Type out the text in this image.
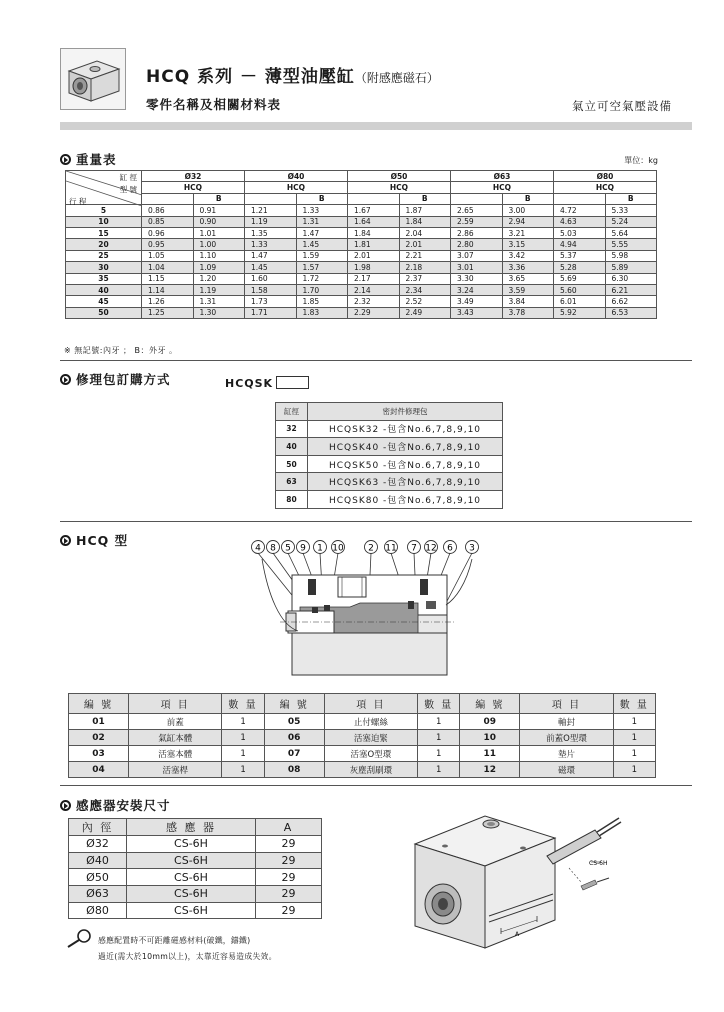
HCQ 系列 － 薄型油壓缸（附感應磁石）
零件名稱及相關材料表	氣立可空氣壓設備
重量表	單位：kg
缸 徑
型 號
行 程	Ø32		Ø40		Ø50		Ø63		Ø80	
	HCQ		HCQ		HCQ		HCQ		HCQ	
		B		B		B		B		B
5	0.86	0.91	1.21	1.33	1.67	1.87	2.65	3.00	4.72	5.33
10	0.85	0.90	1.19	1.31	1.64	1.84	2.59	2.94	4.63	5.24
15	0.96	1.01	1.35	1.47	1.84	2.04	2.86	3.21	5.03	5.64
20	0.95	1.00	1.33	1.45	1.81	2.01	2.80	3.15	4.94	5.55
25	1.05	1.10	1.47	1.59	2.01	2.21	3.07	3.42	5.37	5.98
30	1.04	1.09	1.45	1.57	1.98	2.18	3.01	3.36	5.28	5.89
35	1.15	1.20	1.60	1.72	2.17	2.37	3.30	3.65	5.69	6.30
40	1.14	1.19	1.58	1.70	2.14	2.34	3.24	3.59	5.60	6.21
45	1.26	1.31	1.73	1.85	2.32	2.52	3.49	3.84	6.01	6.62
50	1.25	1.30	1.71	1.83	2.29	2.49	3.43	3.78	5.92	6.53
※ 無記號:內牙 ； B：外牙 。
修理包訂購方式	HCQSK
缸徑	密封件修理包
32	HCQSK32 -包含No.6,7,8,9,10
40	HCQSK40 -包含No.6,7,8,9,10
50	HCQSK50 -包含No.6,7,8,9,10
63	HCQSK63 -包含No.6,7,8,9,10
80	HCQSK80 -包含No.6,7,8,9,10
HCQ 型
4 8 5 9 1 10	2 11 7 12 6 3
編 號	項 目	數 量	編 號	項 目	數 量	編 號	項 目	數 量
01	前蓋	1	05	止付螺絲	1	09	軸封	1
02	氣缸本體	1	06	活塞迫緊	1	10	前蓋O型環	1
03	活塞本體	1	07	活塞O型環	1	11	墊片	1
04	活塞桿	1	08	灰塵刮刷環	1	12	磁環	1
感應器安裝尺寸
內 徑	感 應 器	A
Ø32	CS-6H	29
Ø40	CS-6H	29
Ø50	CS-6H	29
Ø63	CS-6H	29
Ø80	CS-6H	29
感應配置時不可距離磁感材料(破鐵，鑄鐵)
過近(需大於10mm以上)，太靠近容易造成失效。
A
CS-6H
